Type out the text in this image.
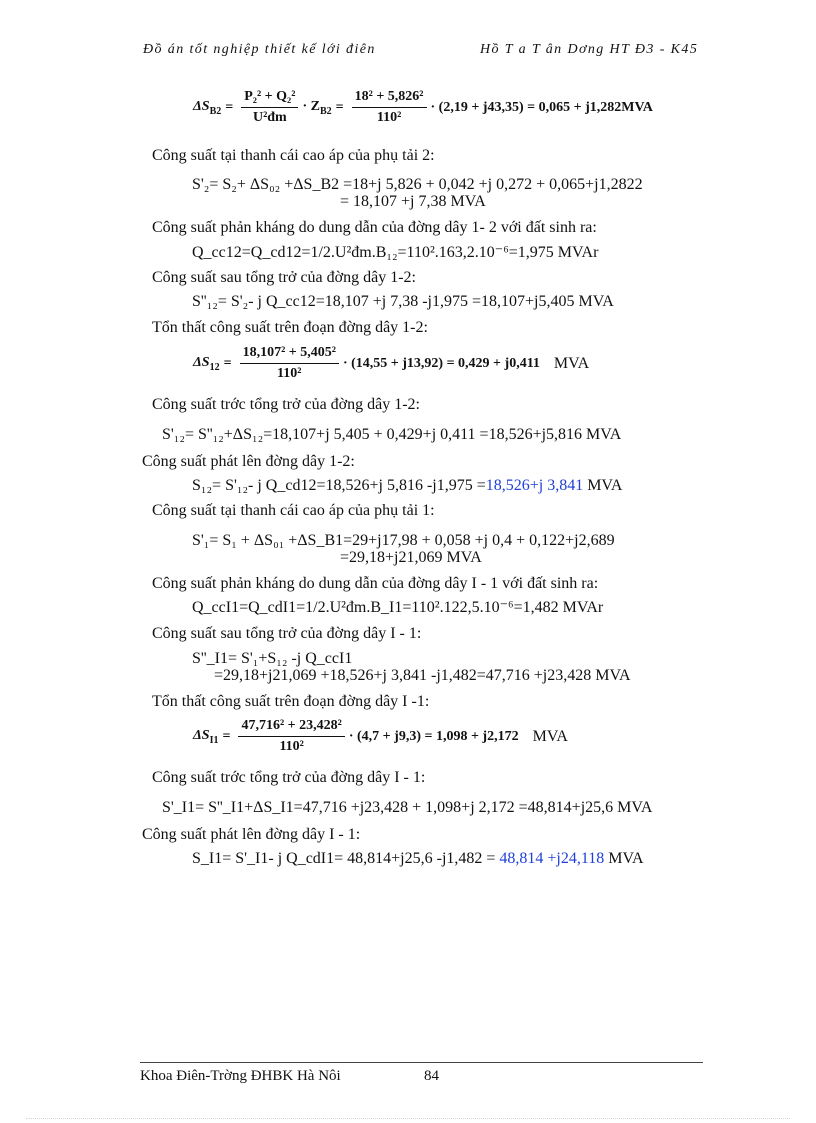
Đồ án tốt nghiệp thiết kế lới điên	Hồ T a T ân Dơng HT Đ3 - K45
$\Delta S_{B2} = \frac{\text{P₂² + Q₂²}}{\text{U²đm}} \cdot Z_{B2} = \frac{\text{18² + 5,826²}}{\text{110²}} \cdot (2,19 + j43,35) = 0,065 + j1,282MVA$
Công suất tại thanh cái cao áp của phụ tải 2:
S'₂= S₂+ ΔS₀₂ +ΔS_B2 =18+j 5,826 + 0,042 +j 0,272 + 0,065+j1,2822
= 18,107 +j 7,38 MVA
Công suất phản kháng do dung dẫn của đờng dây 1- 2 với đất sinh ra:
Q_cc12=Q_cd12=1/2.U²đm.B₁₂=110².163,2.10⁻⁶=1,975 MVAr
Công suất sau tổng trở của đờng dây 1-2:
S''₁₂= S'₂- j Q_cc12=18,107 +j 7,38 -j1,975 =18,107+j5,405 MVA
Tổn thất công suất trên đoạn đờng dây 1-2:
$\Delta S_{12} = \frac{\text{18,107² + 5,405²}}{\text{110²}} \cdot (14,55 + j13,92) = 0,429 + j0,411$ MVA
Công suất trớc tổng trở của đờng dây 1-2:
S'₁₂= S''₁₂+ΔS₁₂=18,107+j 5,405 + 0,429+j 0,411 =18,526+j5,816 MVA
Công suất phát lên đờng dây 1-2:
S₁₂= S'₁₂- j Q_cd12=18,526+j 5,816 -j1,975 =18,526+j 3,841 MVA
Công suất tại thanh cái cao áp của phụ tải 1:
S'₁= S₁ + ΔS₀₁ +ΔS_B1=29+j17,98 + 0,058 +j 0,4 + 0,122+j2,689
=29,18+j21,069 MVA
Công suất phản kháng do dung dẫn của đờng dây I - 1 với đất sinh ra:
Q_ccI1=Q_cdI1=1/2.U²đm.B_I1=110².122,5.10⁻⁶=1,482 MVAr
Công suất sau tổng trở của đờng dây I - 1:
S''_I1= S'₁+S₁₂ -j Q_ccI1
=29,18+j21,069 +18,526+j 3,841 -j1,482=47,716 +j23,428 MVA
Tổn thất công suất trên đoạn đờng dây I -1:
$\Delta S_{I1} = \frac{\text{47,716² + 23,428²}}{\text{110²}} \cdot (4,7 + j9,3) = 1,098 + j2,172$ MVA
Công suất trớc tổng trở của đờng dây I - 1:
S'_I1= S''_I1+ΔS_I1=47,716 +j23,428 + 1,098+j 2,172 =48,814+j25,6 MVA
Công suất phát lên đờng dây I - 1:
S_I1= S'_I1- j Q_cdI1= 48,814+j25,6 -j1,482 = 48,814 +j24,118 MVA
Khoa Điên-Trờng ĐHBK Hà Nôi	84
